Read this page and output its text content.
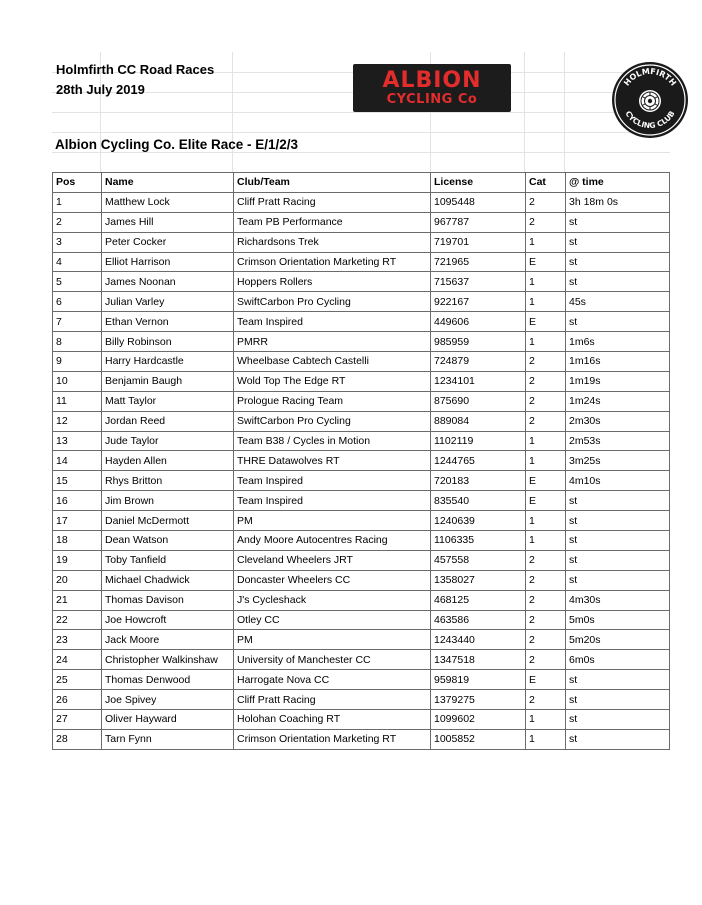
Holmfirth CC Road Races
28th July 2019	ALBION
CYCLING Co
HOLMFIRTH
CYCLING CLUB
Albion Cycling Co. Elite Race - E/1/2/3
Pos	Name	Club/Team	License	Cat	@ time
1	Matthew Lock	Cliff Pratt Racing	1095448	2	3h 18m 0s
2	James Hill	Team PB Performance	967787	2	st
3	Peter Cocker	Richardsons Trek	719701	1	st
4	Elliot Harrison	Crimson Orientation Marketing RT	721965	E	st
5	James Noonan	Hoppers Rollers	715637	1	st
6	Julian Varley	SwiftCarbon Pro Cycling	922167	1	45s
7	Ethan Vernon	Team Inspired	449606	E	st
8	Billy Robinson	PMRR	985959	1	1m6s
9	Harry Hardcastle	Wheelbase Cabtech Castelli	724879	2	1m16s
10	Benjamin Baugh	Wold Top The Edge RT	1234101	2	1m19s
11	Matt Taylor	Prologue Racing Team	875690	2	1m24s
12	Jordan Reed	SwiftCarbon Pro Cycling	889084	2	2m30s
13	Jude Taylor	Team B38 / Cycles in Motion	1102119	1	2m53s
14	Hayden Allen	THRE Datawolves RT	1244765	1	3m25s
15	Rhys Britton	Team Inspired	720183	E	4m10s
16	Jim Brown	Team Inspired	835540	E	st
17	Daniel McDermott	PM	1240639	1	st
18	Dean Watson	Andy Moore Autocentres Racing	1106335	1	st
19	Toby Tanfield	Cleveland Wheelers JRT	457558	2	st
20	Michael Chadwick	Doncaster Wheelers CC	1358027	2	st
21	Thomas Davison	J's Cycleshack	468125	2	4m30s
22	Joe Howcroft	Otley CC	463586	2	5m0s
23	Jack Moore	PM	1243440	2	5m20s
24	Christopher Walkinshaw	University of Manchester CC	1347518	2	6m0s
25	Thomas Denwood	Harrogate Nova CC	959819	E	st
26	Joe Spivey	Cliff Pratt Racing	1379275	2	st
27	Oliver Hayward	Holohan Coaching RT	1099602	1	st
28	Tarn Fynn	Crimson Orientation Marketing RT	1005852	1	st
